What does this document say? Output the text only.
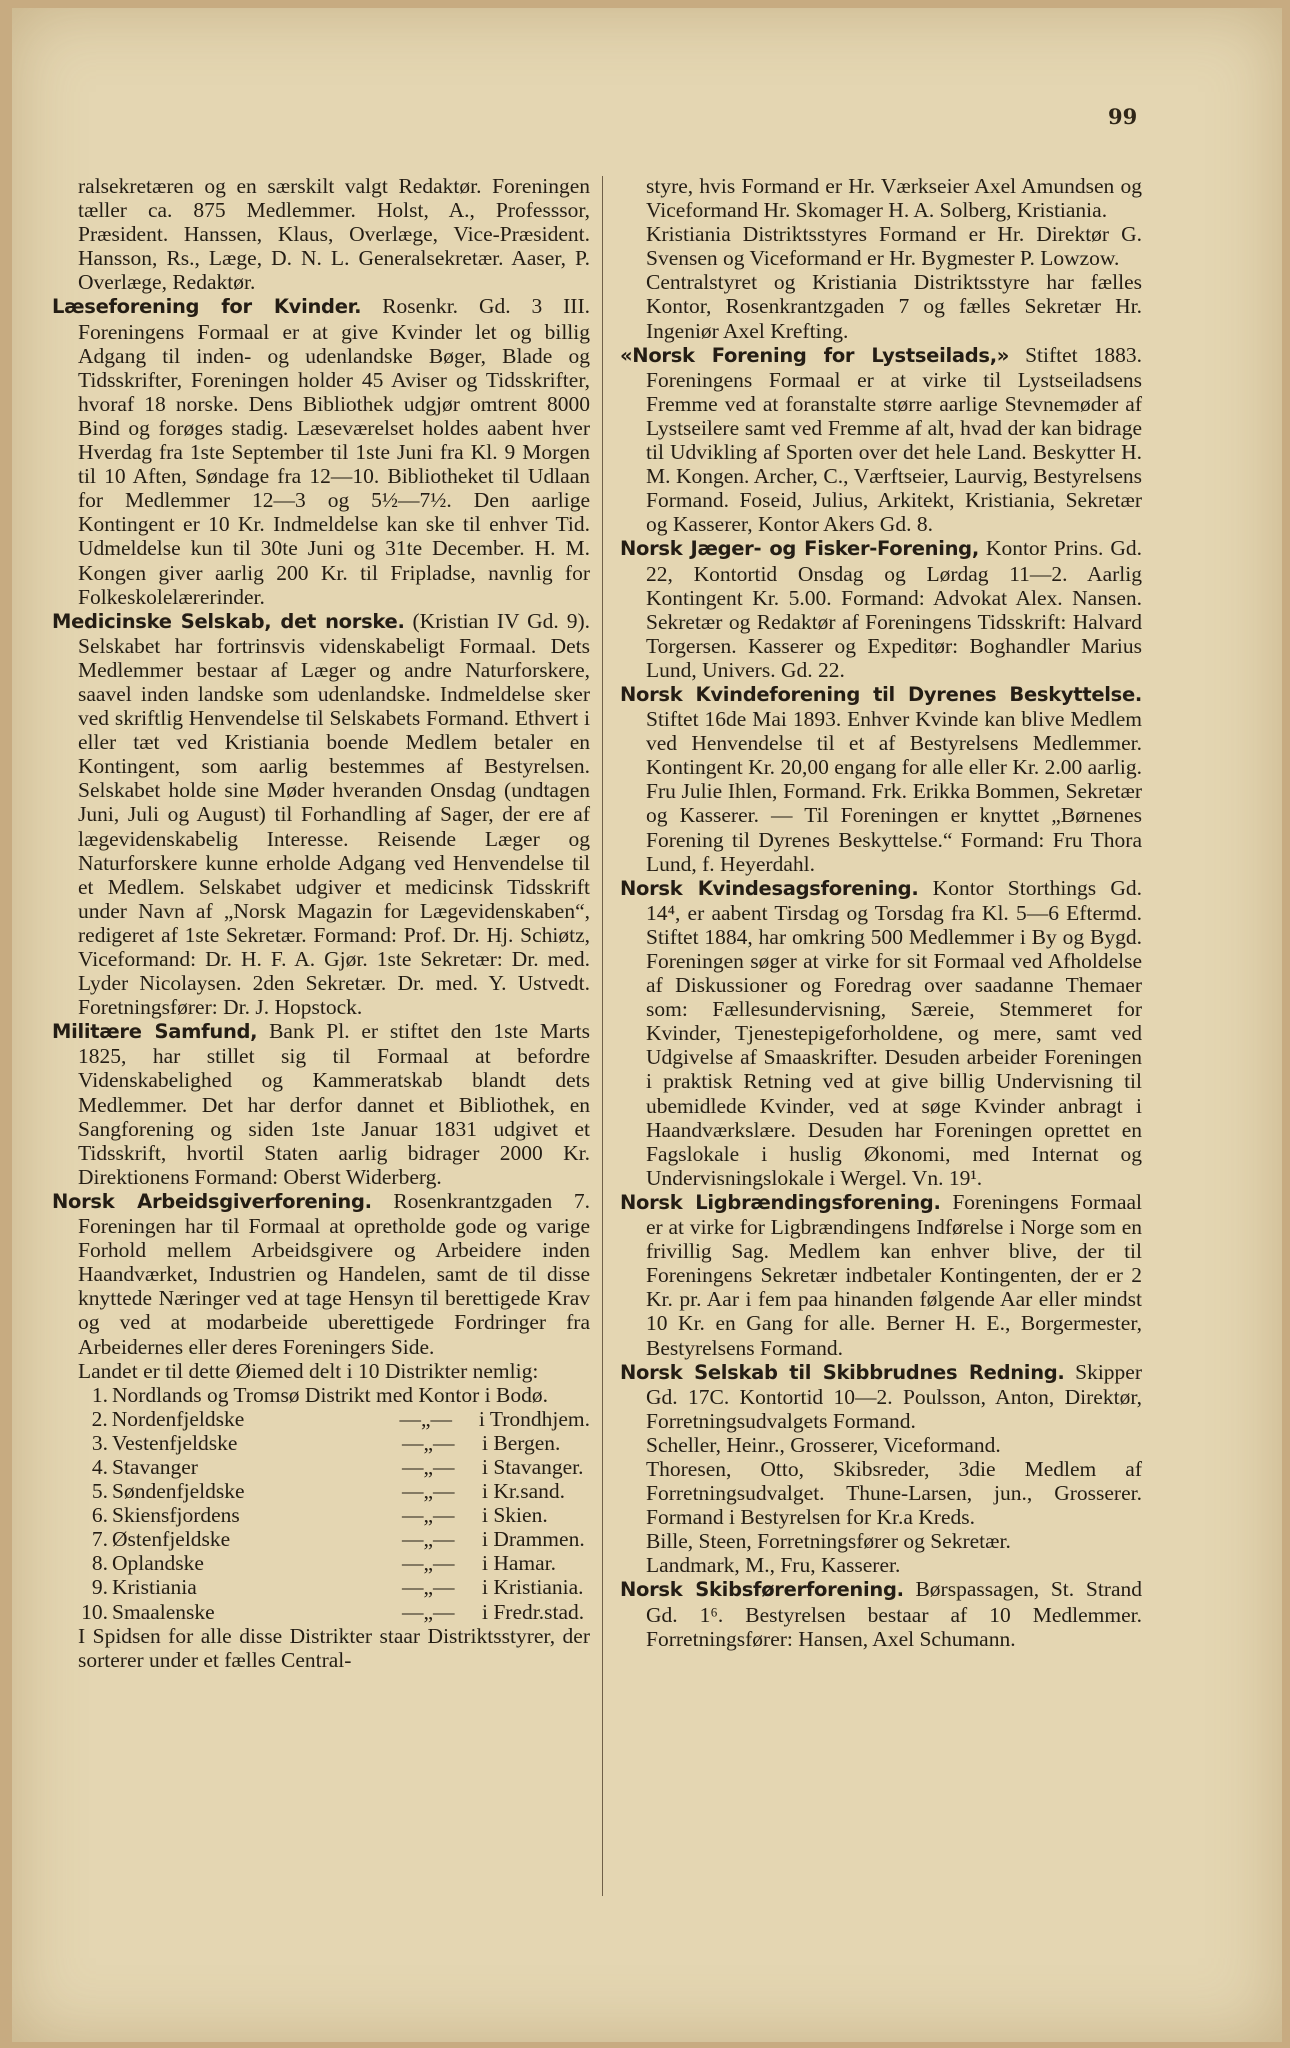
99

ralsekretæren og en særskilt valgt Redaktør. Foreningen tæller ca. 875 Medlemmer. Holst, A., Professsor, Præsident. Hanssen, Klaus, Overlæge, Vice-Præsident. Hansson, Rs., Læge, D. N. L. Generalsekretær. Aaser, P. Overlæge, Redaktør.

Læseforening for Kvinder. Rosenkr. Gd. 3 III. Foreningens Formaal er at give Kvinder let og billig Adgang til inden- og udenlandske Bøger, Blade og Tidsskrifter, Foreningen holder 45 Aviser og Tidsskrifter, hvoraf 18 norske. Dens Bibliothek udgjør omtrent 8000 Bind og forøges stadig. Læseværelset holdes aabent hver Hverdag fra 1ste September til 1ste Juni fra Kl. 9 Morgen til 10 Aften, Søndage fra 12—10. Bibliotheket til Udlaan for Medlemmer 12—3 og 5½—7½. Den aarlige Kontingent er 10 Kr. Indmeldelse kan ske til enhver Tid. Udmeldelse kun til 30te Juni og 31te December. H. M. Kongen giver aarlig 200 Kr. til Fripladse, navnlig for Folkeskolelærerinder.

Medicinske Selskab, det norske. (Kristian IV Gd. 9). Selskabet har fortrinsvis videnskabeligt Formaal. Dets Medlemmer bestaar af Læger og andre Naturforskere, saavel inden landske som udenlandske. Indmeldelse sker ved skriftlig Henvendelse til Selskabets Formand. Ethvert i eller tæt ved Kristiania boende Medlem betaler en Kontingent, som aarlig bestemmes af Bestyrelsen. Selskabet holde sine Møder hveranden Onsdag (undtagen Juni, Juli og August) til Forhandling af Sager, der ere af lægevidenskabelig Interesse. Reisende Læger og Naturforskere kunne erholde Adgang ved Henvendelse til et Medlem. Selskabet udgiver et medicinsk Tidsskrift under Navn af „Norsk Magazin for Lægevidenskaben“, redigeret af 1ste Sekretær. Formand: Prof. Dr. Hj. Schiøtz, Viceformand: Dr. H. F. A. Gjør. 1ste Sekretær: Dr. med. Lyder Nicolaysen. 2den Sekretær. Dr. med. Y. Ustvedt. Foretningsfører: Dr. J. Hopstock.

Militære Samfund, Bank Pl. er stiftet den 1ste Marts 1825, har stillet sig til Formaal at befordre Videnskabelighed og Kammeratskab blandt dets Medlemmer. Det har derfor dannet et Bibliothek, en Sangforening og siden 1ste Januar 1831 udgivet et Tidsskrift, hvortil Staten aarlig bidrager 2000 Kr. Direktionens Formand: Oberst Widerberg.

Norsk Arbeidsgiverforening. Rosenkrantzgaden 7. Foreningen har til Formaal at opretholde gode og varige Forhold mellem Arbeidsgivere og Arbeidere inden Haandværket, Industrien og Handelen, samt de til disse knyttede Næringer ved at tage Hensyn til berettigede Krav og ved at modarbeide uberettigede Fordringer fra Arbeidernes eller deres Foreningers Side.

Landet er til dette Øiemed delt i 10 Distrikter nemlig:

1. Nordlands og Tromsø Distrikt med Kontor i Bodø.
2. Nordenfjeldske	—„—	i Trondhjem.
3. Vestenfjeldske	—„—	i Bergen.
4. Stavanger	—„—	i Stavanger.
5. Søndenfjeldske	—„—	i Kr.sand.
6. Skiensfjordens	—„—	i Skien.
7. Østenfjeldske	—„—	i Drammen.
8. Oplandske	—„—	i Hamar.
9. Kristiania	—„—	i Kristiania.
10. Smaalenske	—„—	i Fredr.stad.

I Spidsen for alle disse Distrikter staar Distriktsstyrer, der sorterer under et fælles Central-

styre, hvis Formand er Hr. Værkseier Axel Amundsen og Viceformand Hr. Skomager H. A. Solberg, Kristiania.

Kristiania Distriktsstyres Formand er Hr. Direktør G. Svensen og Viceformand er Hr. Bygmester P. Lowzow.

Centralstyret og Kristiania Distriktsstyre har fælles Kontor, Rosenkrantzgaden 7 og fælles Sekretær Hr. Ingeniør Axel Krefting.

«Norsk Forening for Lystseilads,» Stiftet 1883. Foreningens Formaal er at virke til Lystseiladsens Fremme ved at foranstalte større aarlige Stevnemøder af Lystseilere samt ved Fremme af alt, hvad der kan bidrage til Udvikling af Sporten over det hele Land. Beskytter H. M. Kongen. Archer, C., Værftseier, Laurvig, Bestyrelsens Formand. Foseid, Julius, Arkitekt, Kristiania, Sekretær og Kasserer, Kontor Akers Gd. 8.

Norsk Jæger- og Fisker-Forening, Kontor Prins. Gd. 22, Kontortid Onsdag og Lørdag 11—2. Aarlig Kontingent Kr. 5.00. Formand: Advokat Alex. Nansen. Sekretær og Redaktør af Foreningens Tidsskrift: Halvard Torgersen. Kasserer og Expeditør: Boghandler Marius Lund, Univers. Gd. 22.

Norsk Kvindeforening til Dyrenes Beskyttelse. Stiftet 16de Mai 1893. Enhver Kvinde kan blive Medlem ved Henvendelse til et af Bestyrelsens Medlemmer. Kontingent Kr. 20,00 engang for alle eller Kr. 2.00 aarlig. Fru Julie Ihlen, Formand. Frk. Erikka Bommen, Sekretær og Kasserer. — Til Foreningen er knyttet „Børnenes Forening til Dyrenes Beskyttelse.“ Formand: Fru Thora Lund, f. Heyerdahl.

Norsk Kvindesagsforening. Kontor Storthings Gd. 14⁴, er aabent Tirsdag og Torsdag fra Kl. 5—6 Eftermd. Stiftet 1884, har omkring 500 Medlemmer i By og Bygd. Foreningen søger at virke for sit Formaal ved Afholdelse af Diskussioner og Foredrag over saadanne Themaer som: Fællesundervisning, Særeie, Stemmeret for Kvinder, Tjenestepigeforholdene, og mere, samt ved Udgivelse af Smaaskrifter. Desuden arbeider Foreningen i praktisk Retning ved at give billig Undervisning til ubemidlede Kvinder, ved at søge Kvinder anbragt i Haandværkslære. Desuden har Foreningen oprettet en Fagslokale i huslig Økonomi, med Internat og Undervisningslokale i Wergel. Vn. 19¹.

Norsk Ligbrændingsforening. Foreningens Formaal er at virke for Ligbrændingens Indførelse i Norge som en frivillig Sag. Medlem kan enhver blive, der til Foreningens Sekretær indbetaler Kontingenten, der er 2 Kr. pr. Aar i fem paa hinanden følgende Aar eller mindst 10 Kr. en Gang for alle. Berner H. E., Borgermester, Bestyrelsens Formand.

Norsk Selskab til Skibbrudnes Redning. Skipper Gd. 17C. Kontortid 10—2. Poulsson, Anton, Direktør, Forretningsudvalgets Formand.

Scheller, Heinr., Grosserer, Viceformand.

Thoresen, Otto, Skibsreder, 3die Medlem af Forretningsudvalget. Thune-Larsen, jun., Grosserer. Formand i Bestyrelsen for Kr.a Kreds.

Bille, Steen, Forretningsfører og Sekretær.

Landmark, M., Fru, Kasserer.

Norsk Skibsførerforening. Børspassagen, St. Strand Gd. 1⁶. Bestyrelsen bestaar af 10 Medlemmer. Forretningsfører: Hansen, Axel Schumann.
